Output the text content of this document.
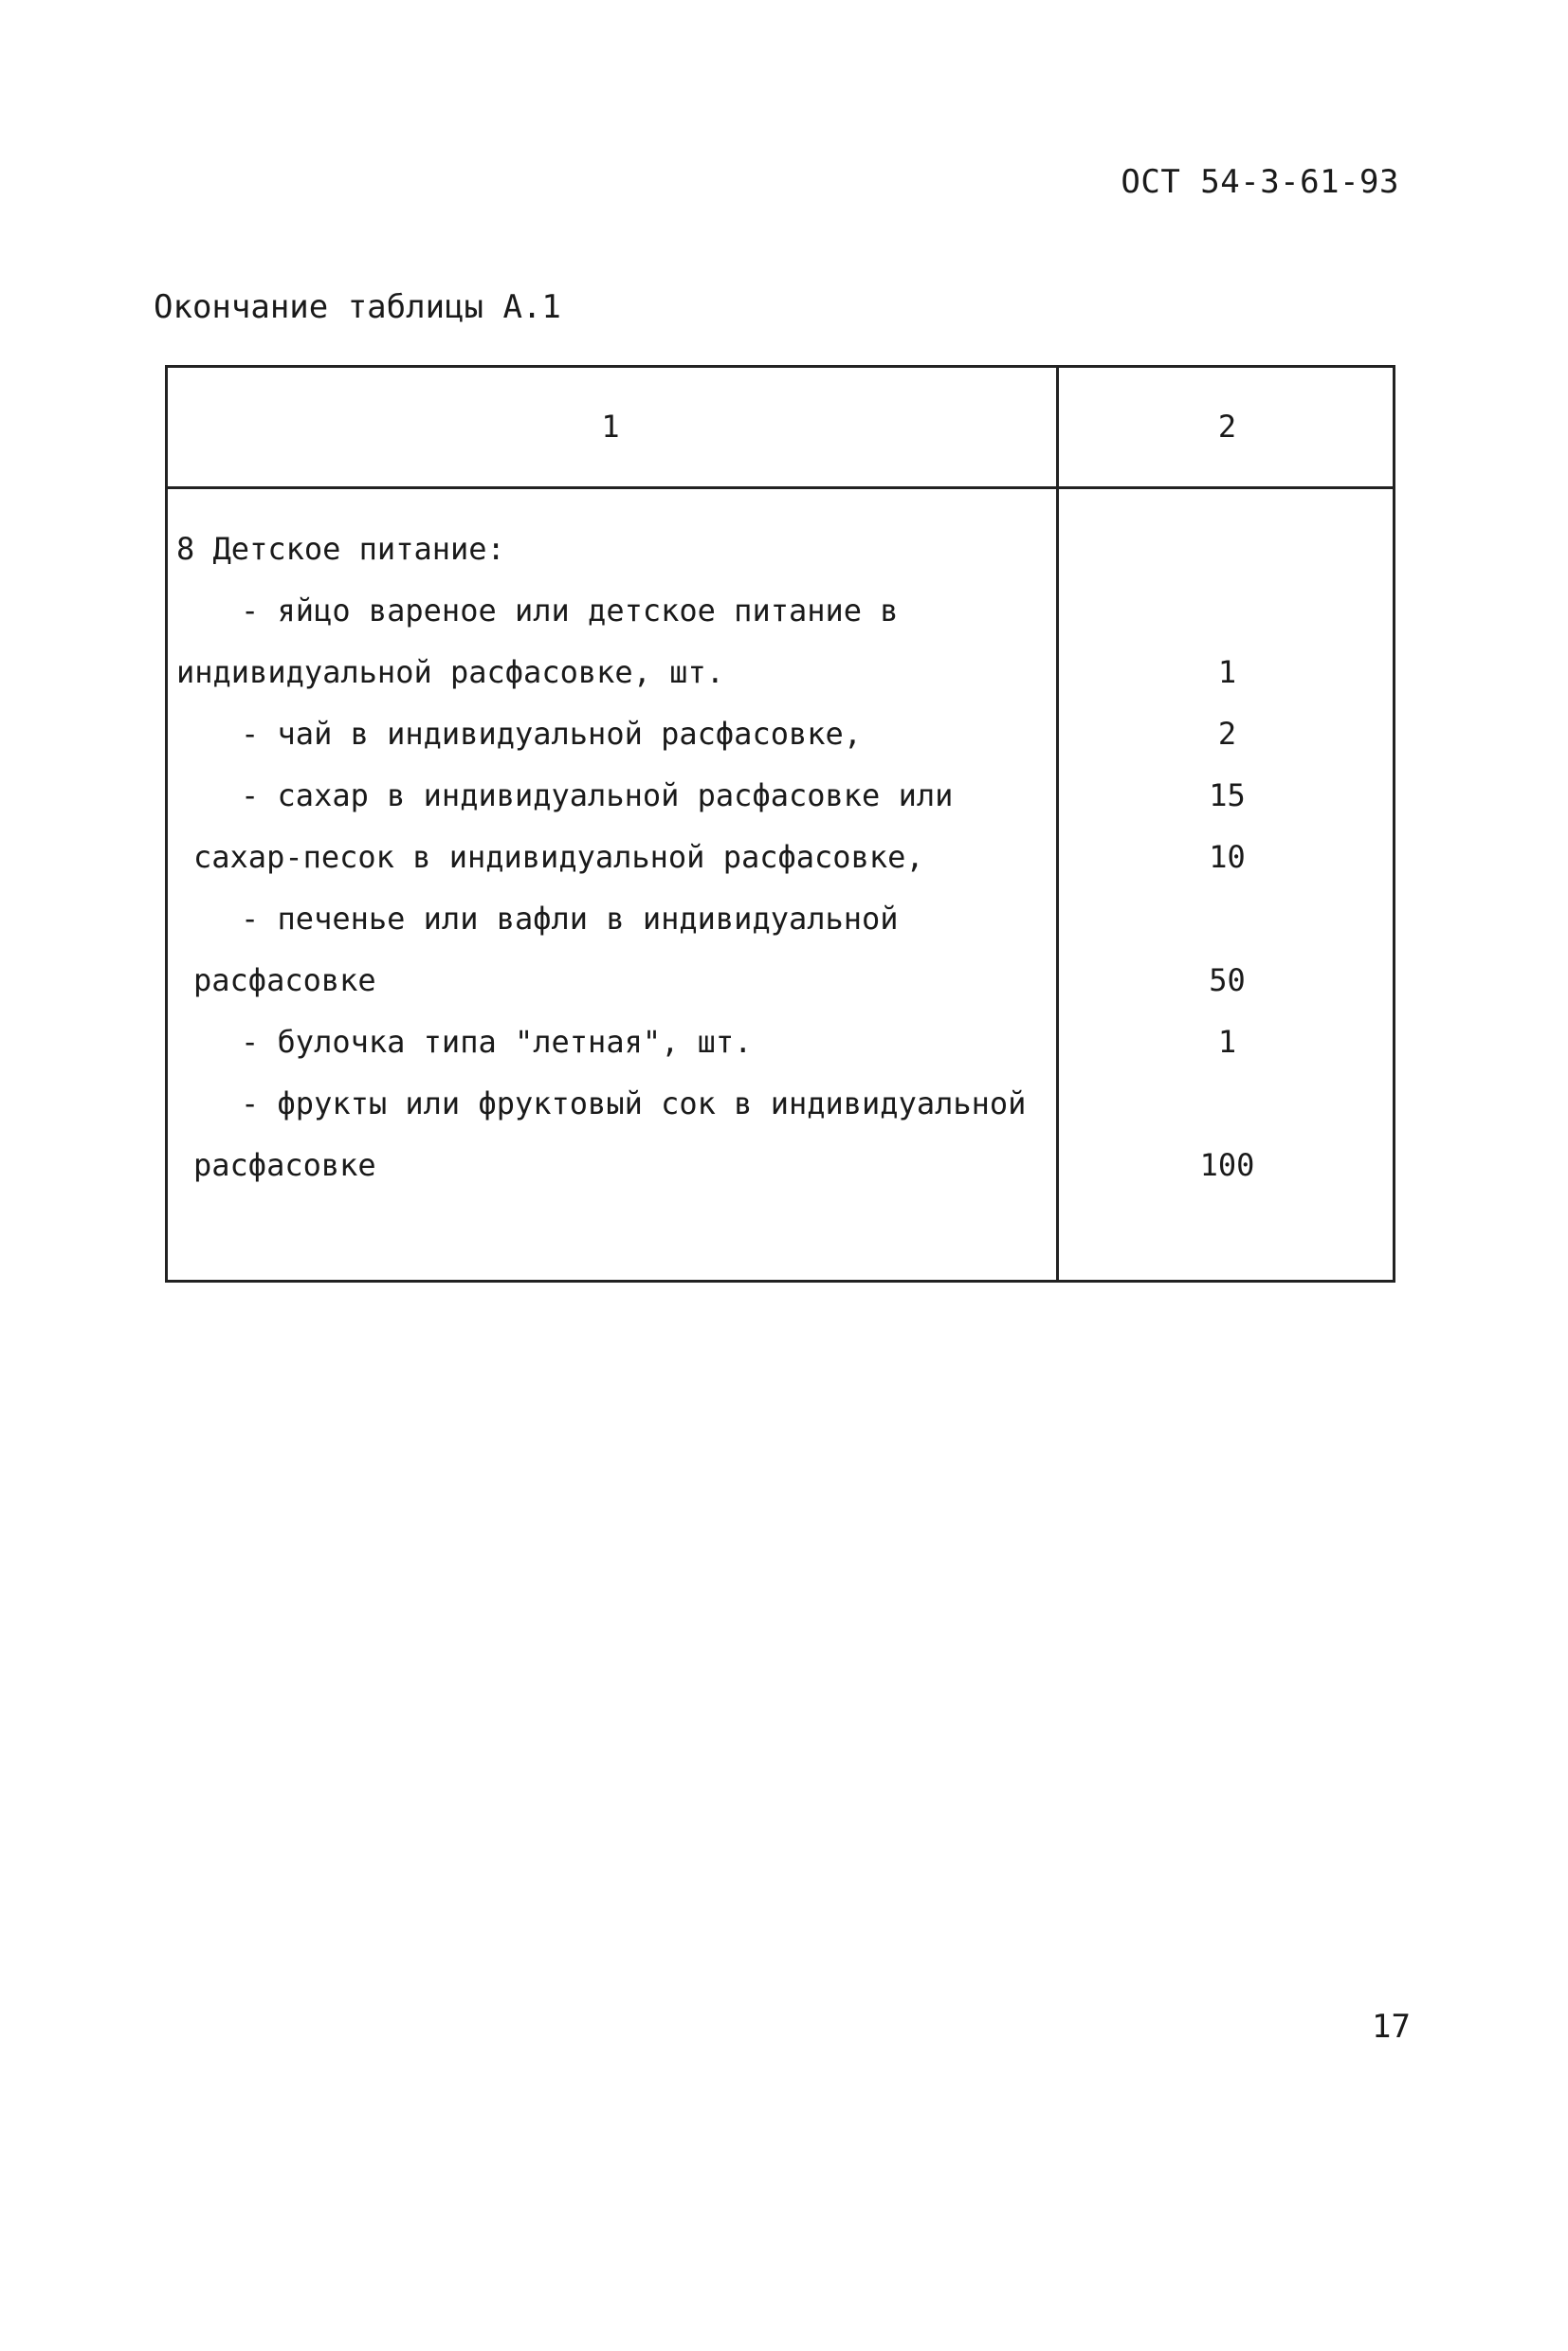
ОСТ 54-3-61-93
Окончание таблицы А.1
1	2
8 Детское питание:
- яйцо вареное или детское питание в
индивидуальной расфасовке, шт.	1
- чай в индивидуальной расфасовке,	2
- сахар в индивидуальной расфасовке или	15
сахар-песок в индивидуальной расфасовке,	10
- печенье или вафли в индивидуальной
расфасовке	50
- булочка типа "летная", шт.	1
- фрукты или фруктовый сок в индивидуальной
расфасовке	100
17
